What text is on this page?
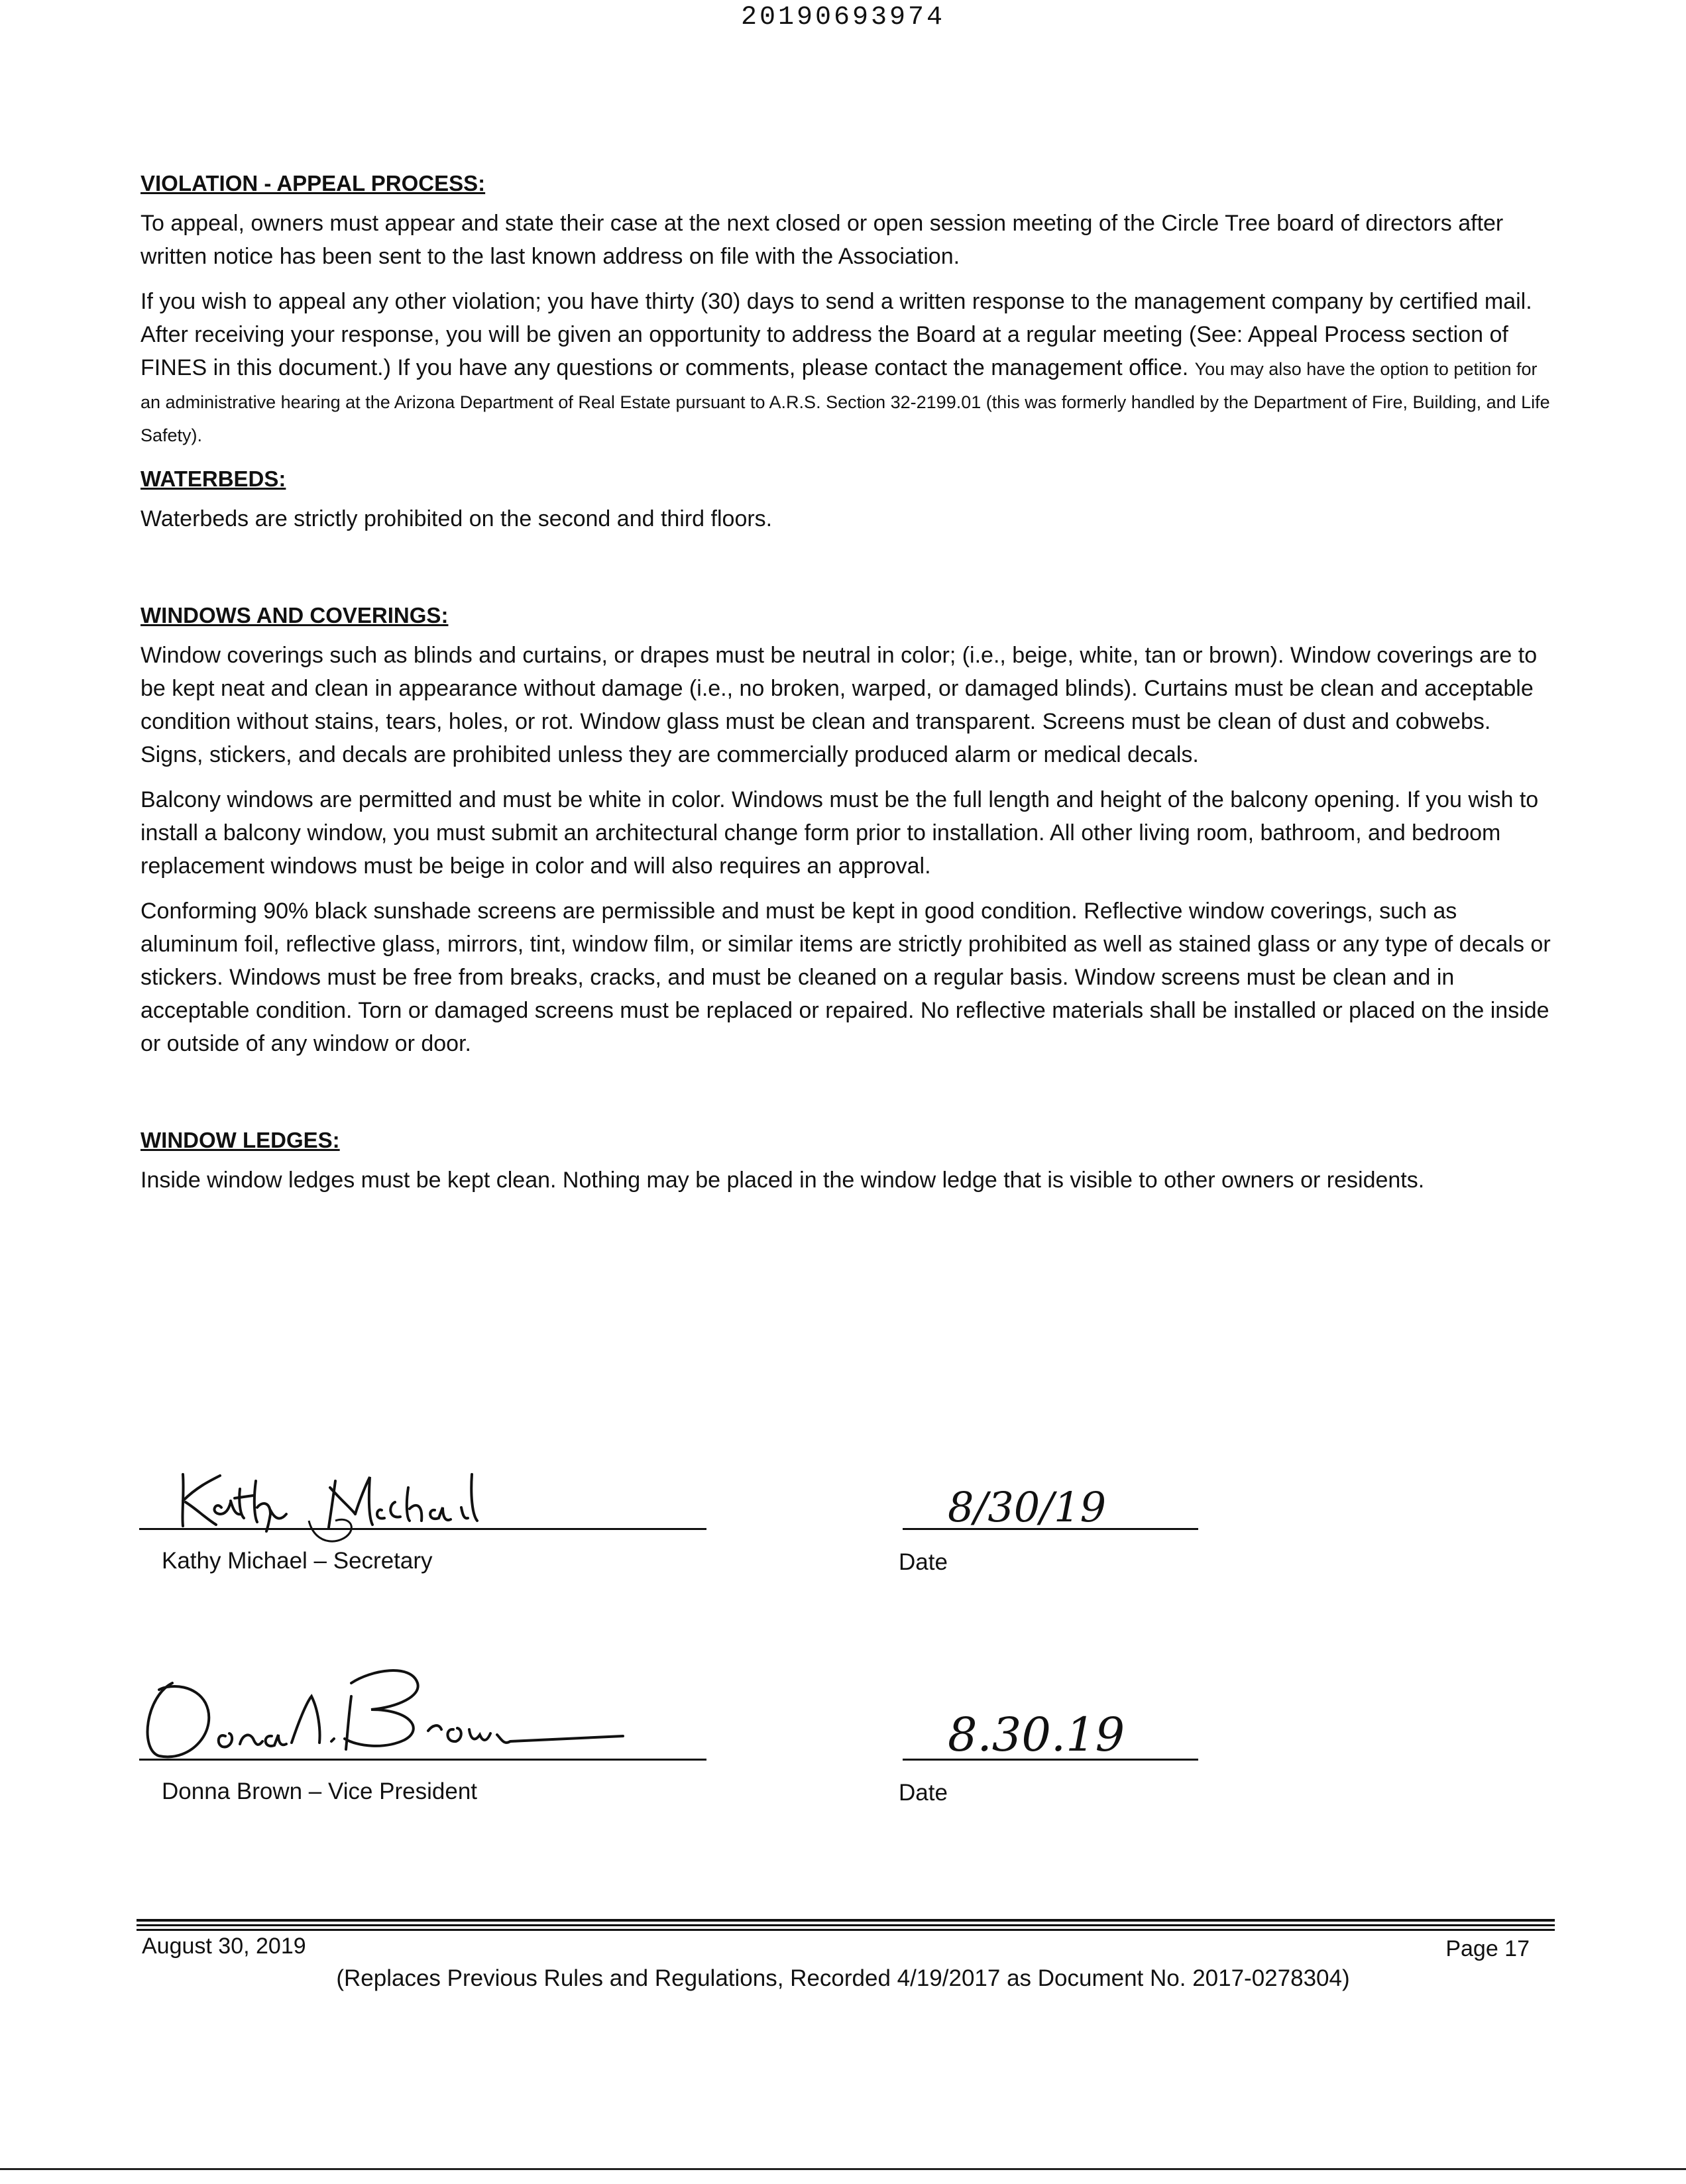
20190693974

VIOLATION - APPEAL PROCESS:

To appeal, owners must appear and state their case at the next closed or open session meeting of the Circle Tree board of directors after written notice has been sent to the last known address on file with the Association.

If you wish to appeal any other violation; you have thirty (30) days to send a written response to the management company by certified mail. After receiving your response, you will be given an opportunity to address the Board at a regular meeting (See: Appeal Process section of FINES in this document.) If you have any questions or comments, please contact the management office. You may also have the option to petition for an administrative hearing at the Arizona Department of Real Estate pursuant to A.R.S. Section 32-2199.01 (this was formerly handled by the Department of Fire, Building, and Life Safety).

WATERBEDS:

Waterbeds are strictly prohibited on the second and third floors.

WINDOWS AND COVERINGS:

Window coverings such as blinds and curtains, or drapes must be neutral in color; (i.e., beige, white, tan or brown). Window coverings are to be kept neat and clean in appearance without damage (i.e., no broken, warped, or damaged blinds). Curtains must be clean and acceptable condition without stains, tears, holes, or rot. Window glass must be clean and transparent. Screens must be clean of dust and cobwebs. Signs, stickers, and decals are prohibited unless they are commercially produced alarm or medical decals.

Balcony windows are permitted and must be white in color. Windows must be the full length and height of the balcony opening. If you wish to install a balcony window, you must submit an architectural change form prior to installation. All other living room, bathroom, and bedroom replacement windows must be beige in color and will also requires an approval.

Conforming 90% black sunshade screens are permissible and must be kept in good condition. Reflective window coverings, such as aluminum foil, reflective glass, mirrors, tint, window film, or similar items are strictly prohibited as well as stained glass or any type of decals or stickers. Windows must be free from breaks, cracks, and must be cleaned on a regular basis. Window screens must be clean and in acceptable condition. Torn or damaged screens must be replaced or repaired. No reflective materials shall be installed or placed on the inside or outside of any window or door.

WINDOW LEDGES:

Inside window ledges must be kept clean. Nothing may be placed in the window ledge that is visible to other owners or residents.

Kathy Michael – Secretary
8/30/19
Date
Donna Brown – Vice President
8.30.19
Date
August 30, 2019	Page 17
(Replaces Previous Rules and Regulations, Recorded 4/19/2017 as Document No. 2017-0278304)
